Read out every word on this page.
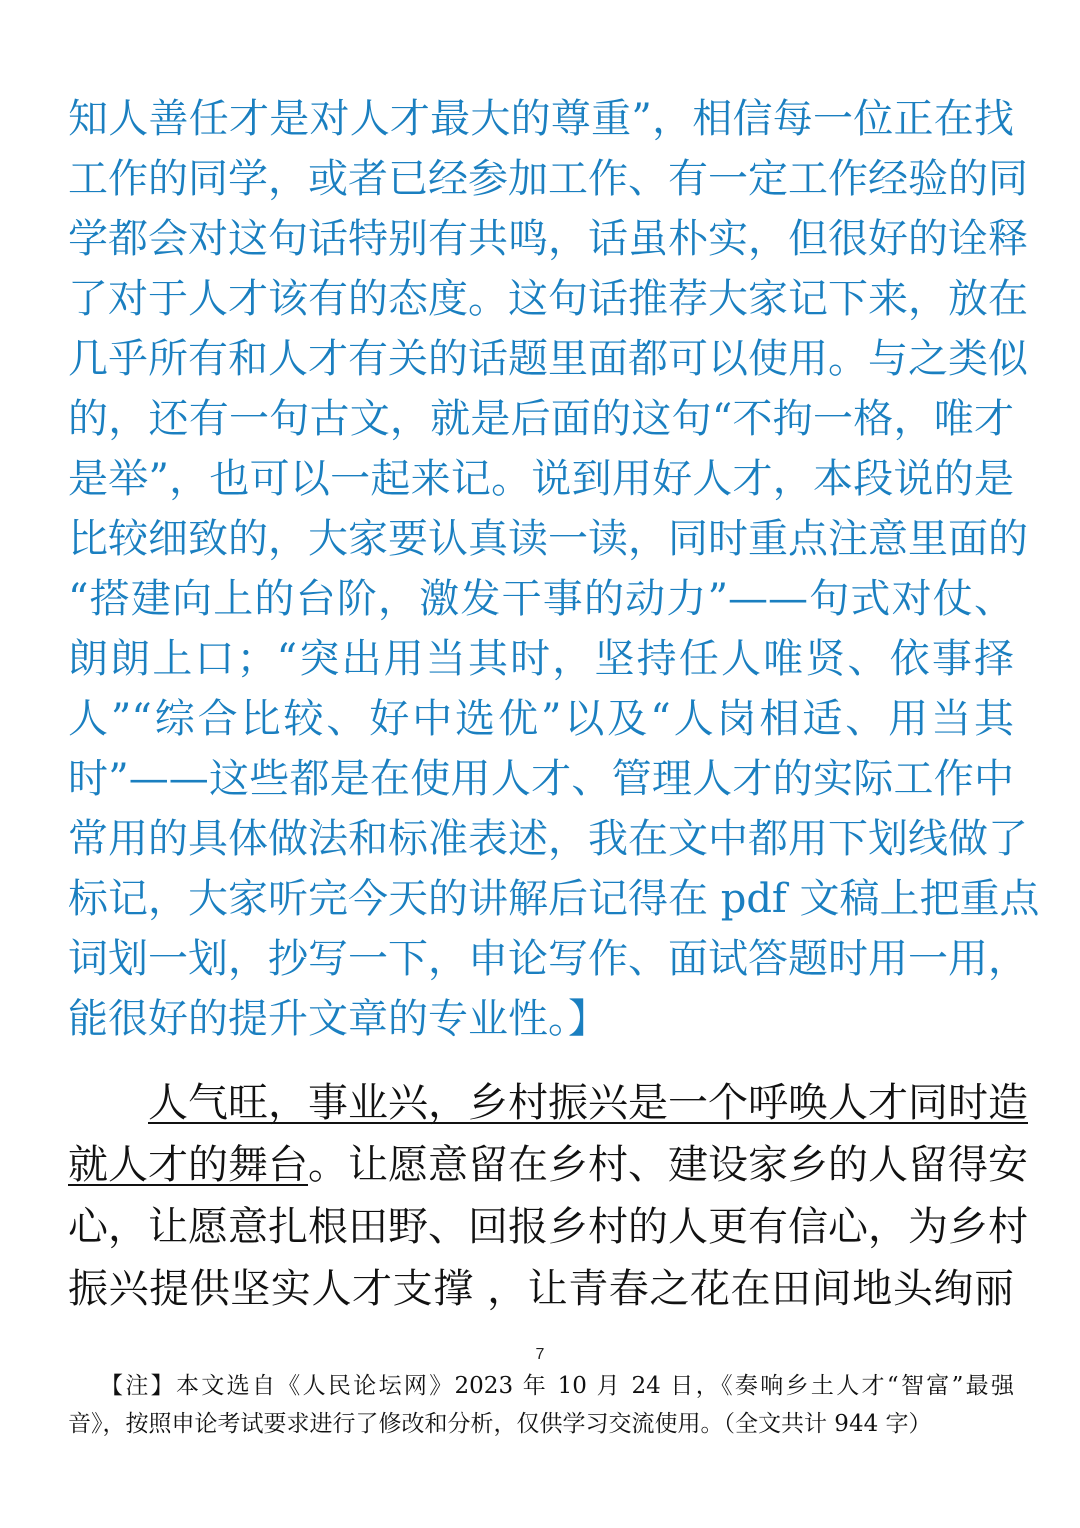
知人善任才是对人才最大的尊重”，相信每一位正在找
工作的同学，或者已经参加工作、有一定工作经验的同
学都会对这句话特别有共鸣，话虽朴实，但很好的诠释
了对于人才该有的态度。这句话推荐大家记下来，放在
几乎所有和人才有关的话题里面都可以使用。与之类似
的，还有一句古文，就是后面的这句“不拘一格，唯才
是举”，也可以一起来记。说到用好人才，本段说的是
比较细致的，大家要认真读一读，同时重点注意里面的
“搭建向上的台阶，激发干事的动力”——句式对仗、
朗朗上口；“突出用当其时，坚持任人唯贤、依事择
人”“综合比较、好中选优”以及“人岗相适、用当其
时”——这些都是在使用人才、管理人才的实际工作中
常用的具体做法和标准表述，我在文中都用下划线做了
标记，大家听完今天的讲解后记得在 pdf 文稿上把重点
词划一划，抄写一下，申论写作、面试答题时用一用，
能很好的提升文章的专业性。】
人气旺，事业兴，乡村振兴是一个呼唤人才同时造
就人才的舞台。让愿意留在乡村、建设家乡的人留得安
心，让愿意扎根田野、回报乡村的人更有信心，为乡村
振兴提供坚实人才支撑 ，让青春之花在田间地头绚丽
7
【注】本文选自《人民论坛网》2023 年 10 月 24 日，《奏响乡土人才“智富”最强
音》，按照申论考试要求进行了修改和分析，仅供学习交流使用。（全文共计 944 字）
